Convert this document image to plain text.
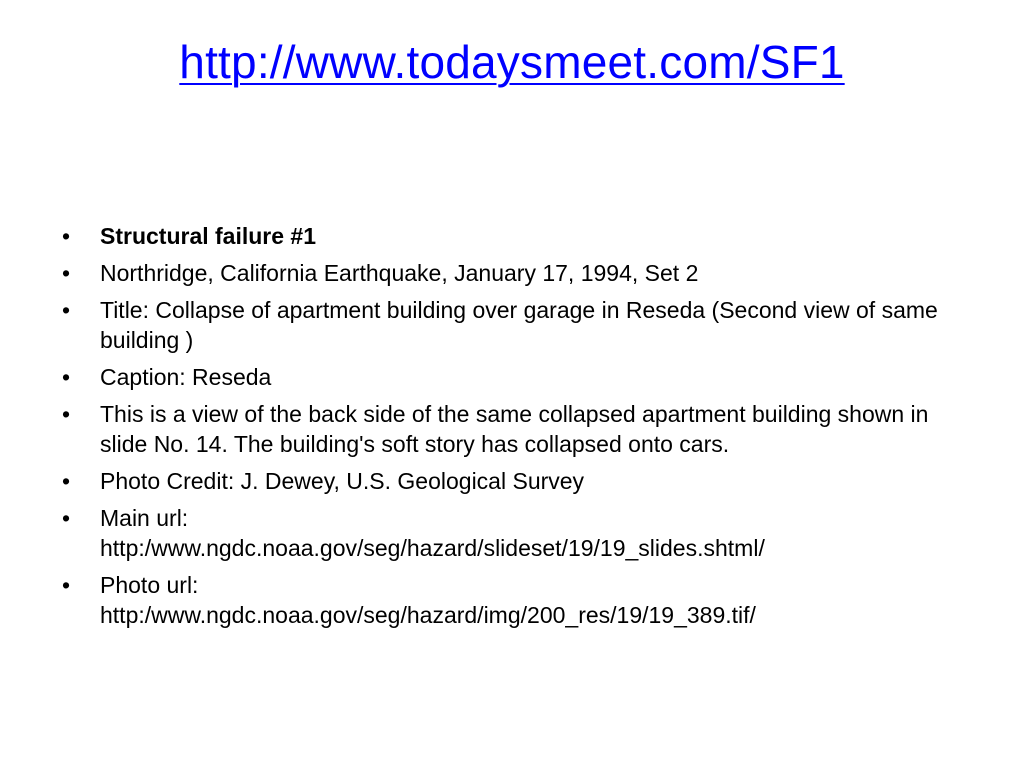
http://www.todaysmeet.com/SF1
•	Structural failure #1
•	Northridge, California Earthquake, January 17, 1994, Set 2
•	Title: Collapse of apartment building over garage in Reseda (Second view of same building )
•	Caption: Reseda
•	This is a view of the back side of the same collapsed apartment building shown in slide No. 14. The building's soft story has collapsed onto cars.
•	Photo Credit: J. Dewey, U.S. Geological Survey
•	Main url:
http:/www.ngdc.noaa.gov/seg/hazard/slideset/19/19_slides.shtml/
•	Photo url:
http:/www.ngdc.noaa.gov/seg/hazard/img/200_res/19/19_389.tif/
